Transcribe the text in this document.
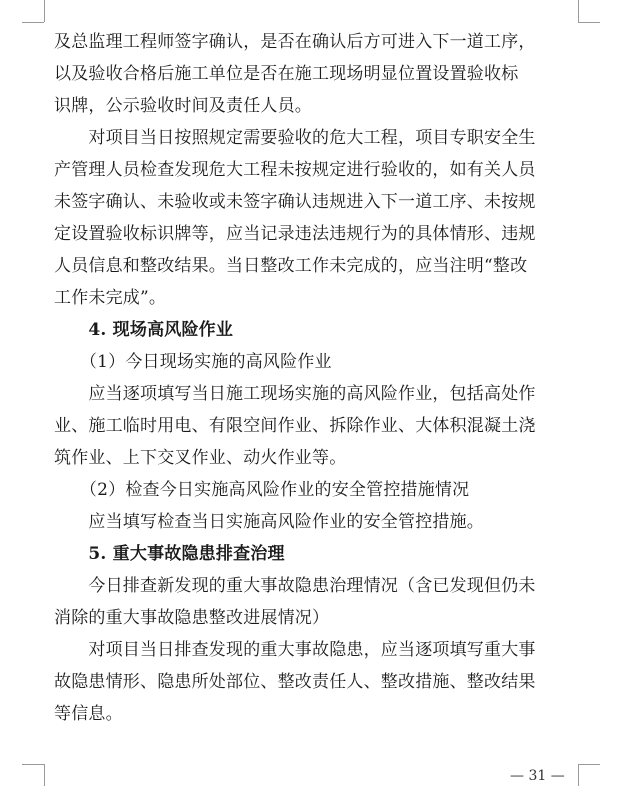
及总监理工程师签字确认，是否在确认后方可进入下一道工序，
以及验收合格后施工单位是否在施工现场明显位置设置验收标
识牌，公示验收时间及责任人员。
　　对项目当日按照规定需要验收的危大工程，项目专职安全生
产管理人员检查发现危大工程未按规定进行验收的，如有关人员
未签字确认、未验收或未签字确认违规进入下一道工序、未按规
定设置验收标识牌等，应当记录违法违规行为的具体情形、违规
人员信息和整改结果。当日整改工作未完成的，应当注明“整改
工作未完成”。
　　4. 现场高风险作业
　　（1）今日现场实施的高风险作业
　　应当逐项填写当日施工现场实施的高风险作业，包括高处作
业、施工临时用电、有限空间作业、拆除作业、大体积混凝土浇
筑作业、上下交叉作业、动火作业等。
　　（2）检查今日实施高风险作业的安全管控措施情况
　　应当填写检查当日实施高风险作业的安全管控措施。
　　5. 重大事故隐患排查治理
　　今日排查新发现的重大事故隐患治理情况（含已发现但仍未
消除的重大事故隐患整改进展情况）
　　对项目当日排查发现的重大事故隐患，应当逐项填写重大事
故隐患情形、隐患所处部位、整改责任人、整改措施、整改结果
等信息。
— 31 —
